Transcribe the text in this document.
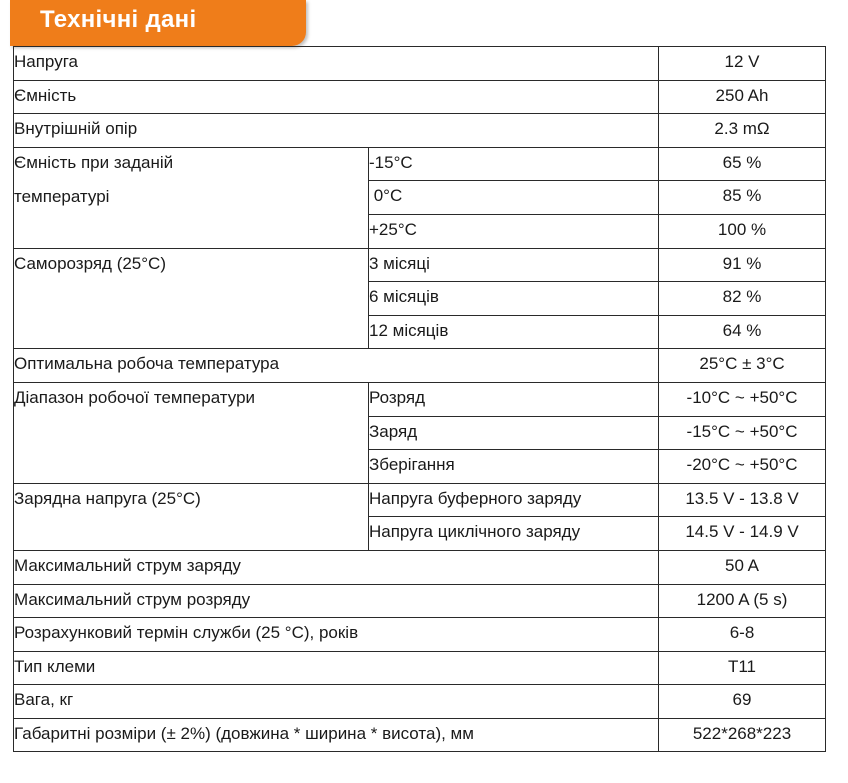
Технічні дані
Напруга		12 V

Ємність		250 Ah

Внутрішній опір		2.3 mΩ

Ємність при заданій
температурі	-15°C	65 %

	0°C	85 %

	+25°C	100 %

Саморозряд (25°C)	3 місяці	91 %

	6 місяців	82 %

	12 місяців	64 %

Оптимальна робоча температура		25°C ± 3°C

Діапазон робочої температури	Розряд	-10°C ~ +50°C

	Заряд	-15°C ~ +50°C

	Зберігання	-20°C ~ +50°C

Зарядна напруга (25°C)	Напруга буферного заряду	13.5 V - 13.8 V

	Напруга циклічного заряду	14.5 V - 14.9 V

Максимальний струм заряду		50 A

Максимальний струм розряду		1200 A (5 s)

Розрахунковий термін служби (25 °С), років		6-8

Тип клеми		T11

Вага, кг		69

Габаритні розміри (± 2%) (довжина * ширина * висота), мм		522*268*223
